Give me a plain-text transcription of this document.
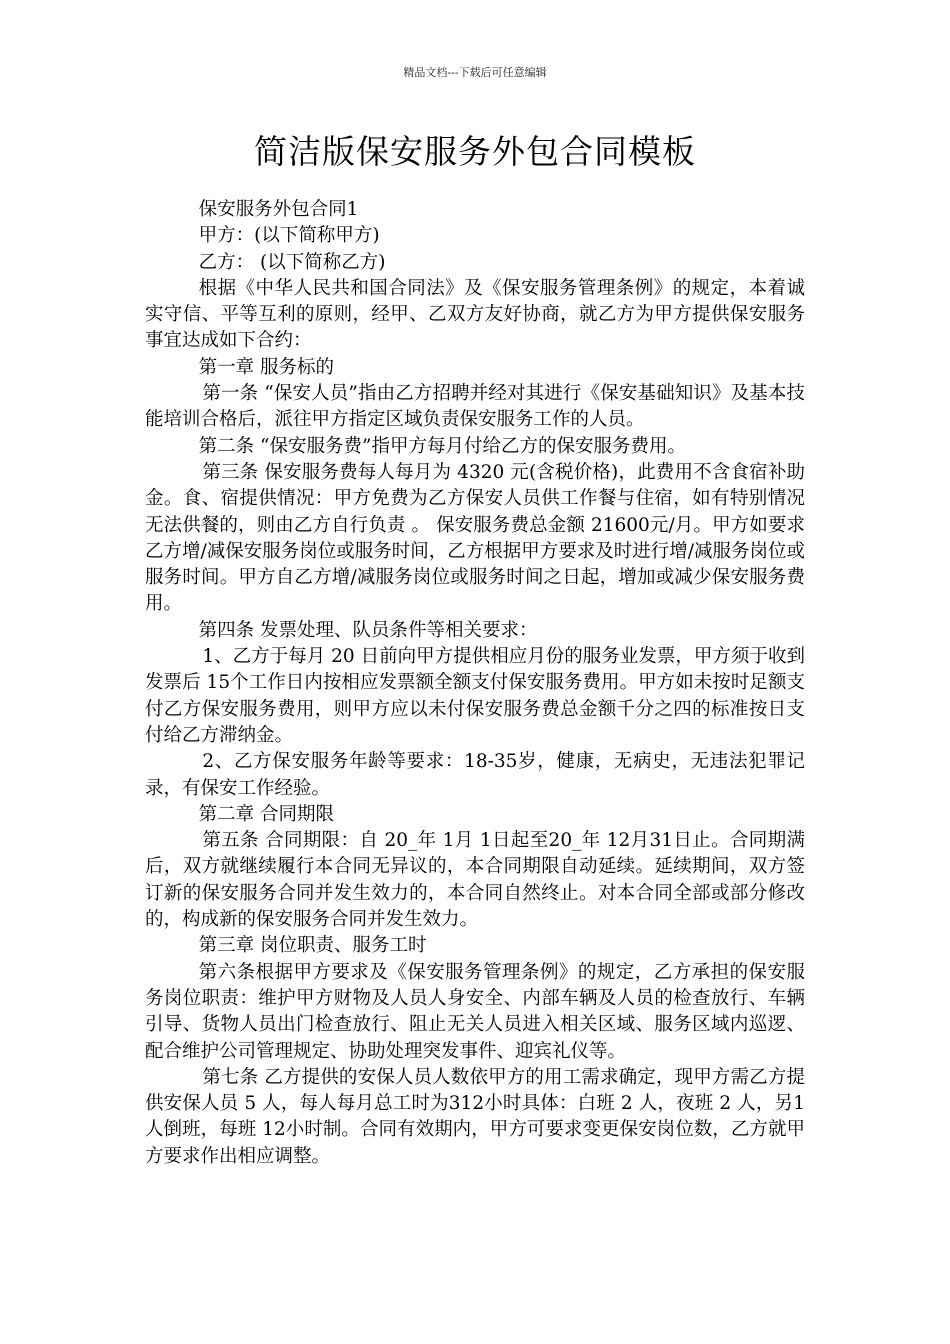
精品文档---下载后可任意编辑
简洁版保安服务外包合同模板

保安服务外包合同1

甲方：(以下简称甲方)

乙方： (以下简称乙方)

根据《中华人民共和国合同法》及《保安服务管理条例》的规定，本着诚实守信、平等互利的原则，经甲、乙双方友好协商，就乙方为甲方提供保安服务事宜达成如下合约：

第一章 服务标的

第一条 “保安人员”指由乙方招聘并经对其进行《保安基础知识》及基本技能培训合格后，派往甲方指定区域负责保安服务工作的人员。

第二条 “保安服务费”指甲方每月付给乙方的保安服务费用。

第三条 保安服务费每人每月为 4320 元(含税价格)，此费用不含食宿补助金。食、宿提供情况：甲方免费为乙方保安人员供工作餐与住宿，如有特别情况无法供餐的，则由乙方自行负责 。 保安服务费总金额 21600元/月。甲方如要求乙方增/减保安服务岗位或服务时间，乙方根据甲方要求及时进行增/减服务岗位或服务时间。甲方自乙方增/减服务岗位或服务时间之日起，增加或减少保安服务费用。

第四条 发票处理、队员条件等相关要求：

1、乙方于每月 20 日前向甲方提供相应月份的服务业发票，甲方须于收到发票后 15个工作日内按相应发票额全额支付保安服务费用。甲方如未按时足额支付乙方保安服务费用，则甲方应以未付保安服务费总金额千分之四的标准按日支付给乙方滞纳金。

2、乙方保安服务年龄等要求：18-35岁，健康，无病史，无违法犯罪记录，有保安工作经验。

第二章 合同期限

第五条 合同期限：自 20_年 1月 1日起至20_年 12月31日止。合同期满后，双方就继续履行本合同无异议的，本合同期限自动延续。延续期间，双方签订新的保安服务合同并发生效力的，本合同自然终止。对本合同全部或部分修改的，构成新的保安服务合同并发生效力。

第三章 岗位职责、服务工时

第六条根据甲方要求及《保安服务管理条例》的规定，乙方承担的保安服务岗位职责：维护甲方财物及人员人身安全、内部车辆及人员的检查放行、车辆引导、货物人员出门检查放行、阻止无关人员进入相关区域、服务区域内巡逻、配合维护公司管理规定、协助处理突发事件、迎宾礼仪等。

第七条 乙方提供的安保人员人数依甲方的用工需求确定，现甲方需乙方提供安保人员 5 人，每人每月总工时为312小时具体：白班 2 人，夜班 2 人，另1 人倒班，每班 12小时制。合同有效期内，甲方可要求变更保安岗位数，乙方就甲方要求作出相应调整。
